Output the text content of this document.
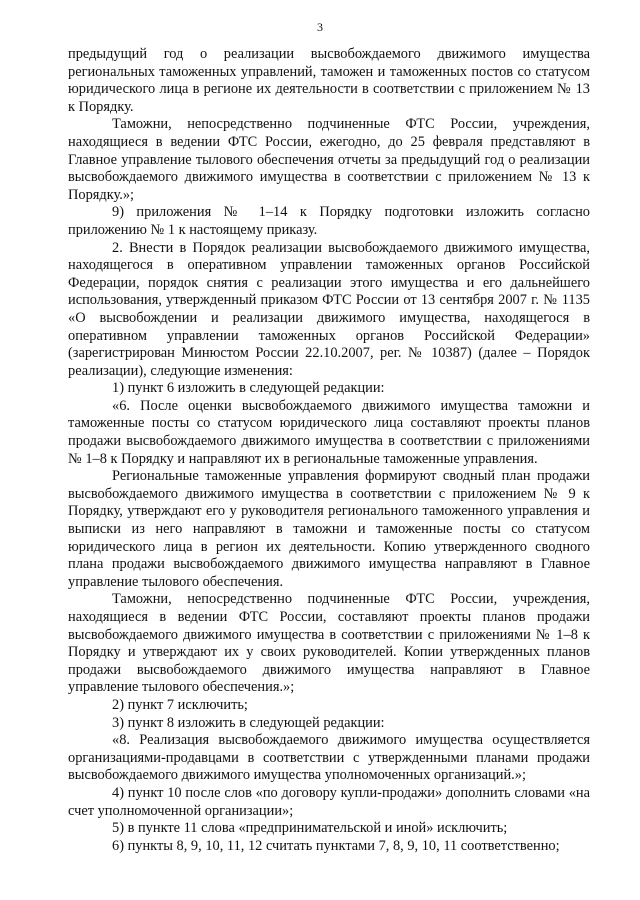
3

предыдущий год о реализации высвобождаемого движимого имущества региональных таможенных управлений, таможен и таможенных постов со статусом юридического лица в регионе их деятельности в соответствии с приложением № 13 к Порядку.

Таможни, непосредственно подчиненные ФТС России, учреждения, находящиеся в ведении ФТС России, ежегодно, до 25 февраля представляют в Главное управление тылового обеспечения отчеты за предыдущий год о реализации высвобождаемого движимого имущества в соответствии с приложением № 13 к Порядку.»;

9) приложения № 1–14 к Порядку подготовки изложить согласно приложению № 1 к настоящему приказу.

2. Внести в Порядок реализации высвобождаемого движимого имущества, находящегося в оперативном управлении таможенных органов Российской Федерации, порядок снятия с реализации этого имущества и его дальнейшего использования, утвержденный приказом ФТС России от 13 сентября 2007 г. № 1135 «О высвобождении и реализации движимого имущества, находящегося в оперативном управлении таможенных органов Российской Федерации» (зарегистрирован Минюстом России 22.10.2007, рег. № 10387) (далее – Порядок реализации), следующие изменения:

1) пункт 6 изложить в следующей редакции:

«6. После оценки высвобождаемого движимого имущества таможни и таможенные посты со статусом юридического лица составляют проекты планов продажи высвобождаемого движимого имущества в соответствии с приложениями № 1–8 к Порядку и направляют их в региональные таможенные управления.

Региональные таможенные управления формируют сводный план продажи высвобождаемого движимого имущества в соответствии с приложением № 9 к Порядку, утверждают его у руководителя регионального таможенного управления и выписки из него направляют в таможни и таможенные посты со статусом юридического лица в регион их деятельности. Копию утвержденного сводного плана продажи высвобождаемого движимого имущества направляют в Главное управление тылового обеспечения.

Таможни, непосредственно подчиненные ФТС России, учреждения, находящиеся в ведении ФТС России, составляют проекты планов продажи высвобождаемого движимого имущества в соответствии с приложениями № 1–8 к Порядку и утверждают их у своих руководителей. Копии утвержденных планов продажи высвобождаемого движимого имущества направляют в Главное управление тылового обеспечения.»;

2) пункт 7 исключить;

3) пункт 8 изложить в следующей редакции:

«8. Реализация высвобождаемого движимого имущества осуществляется организациями-продавцами в соответствии с утвержденными планами продажи высвобождаемого движимого имущества уполномоченных организаций.»;

4) пункт 10 после слов «по договору купли-продажи» дополнить словами «на счет уполномоченной организации»;

5) в пункте 11 слова «предпринимательской и иной» исключить;

6) пункты 8, 9, 10, 11, 12 считать пунктами 7, 8, 9, 10, 11 соответственно;
